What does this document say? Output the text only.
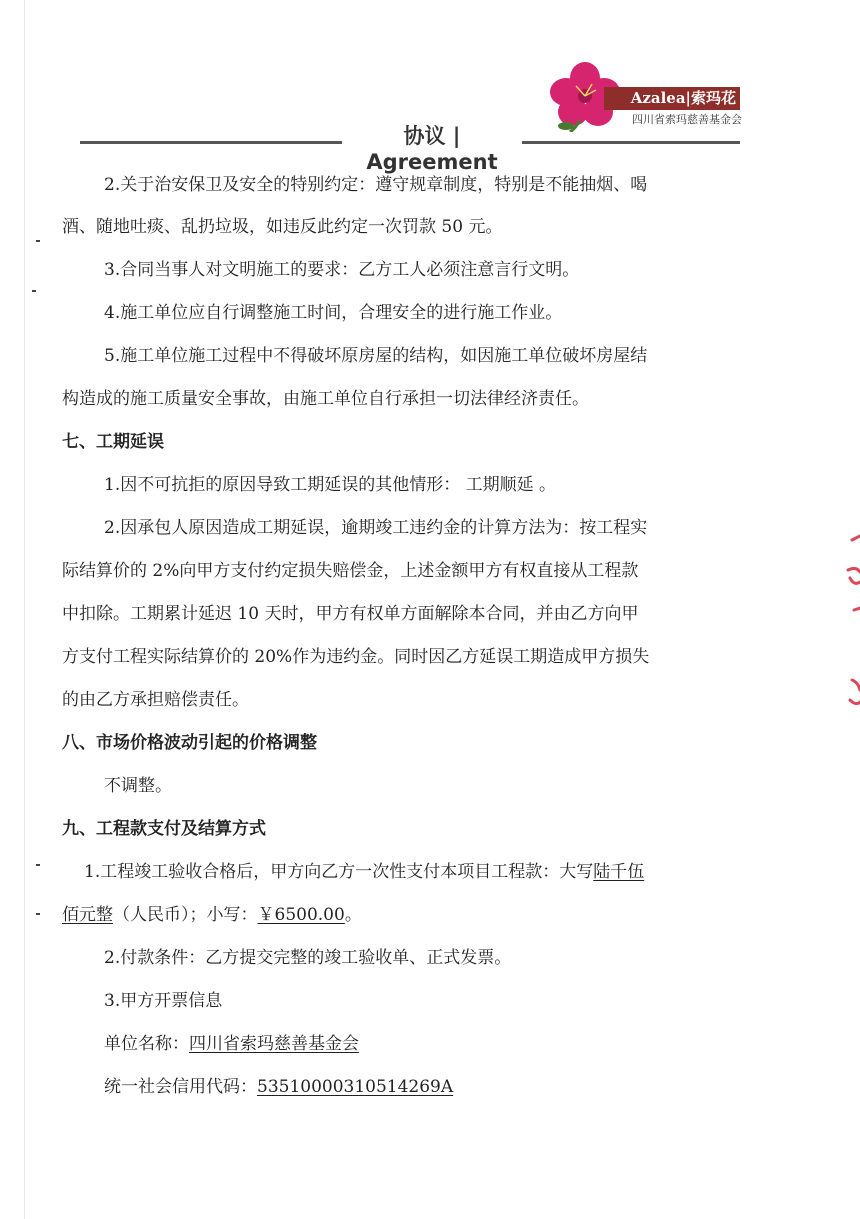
Azalea|索玛花
四川省索玛慈善基金会
协议 | Agreement
2.关于治安保卫及安全的特别约定：遵守规章制度，特别是不能抽烟、喝
酒、随地吐痰、乱扔垃圾，如违反此约定一次罚款 50 元。
3.合同当事人对文明施工的要求：乙方工人必须注意言行文明。
4.施工单位应自行调整施工时间，合理安全的进行施工作业。
5.施工单位施工过程中不得破坏原房屋的结构，如因施工单位破坏房屋结
构造成的施工质量安全事故，由施工单位自行承担一切法律经济责任。
七、工期延误
1.因不可抗拒的原因导致工期延误的其他情形： 工期顺延 。
2.因承包人原因造成工期延误，逾期竣工违约金的计算方法为：按工程实
际结算价的 2%向甲方支付约定损失赔偿金，上述金额甲方有权直接从工程款
中扣除。工期累计延迟 10 天时，甲方有权单方面解除本合同，并由乙方向甲
方支付工程实际结算价的 20%作为违约金。同时因乙方延误工期造成甲方损失
的由乙方承担赔偿责任。
八、市场价格波动引起的价格调整
不调整。
九、工程款支付及结算方式
1.工程竣工验收合格后，甲方向乙方一次性支付本项目工程款：大写陆千伍
佰元整（人民币）；小写：￥6500.00。
2.付款条件：乙方提交完整的竣工验收单、正式发票。
3.甲方开票信息
单位名称：四川省索玛慈善基金会
统一社会信用代码：53510000310514269A
